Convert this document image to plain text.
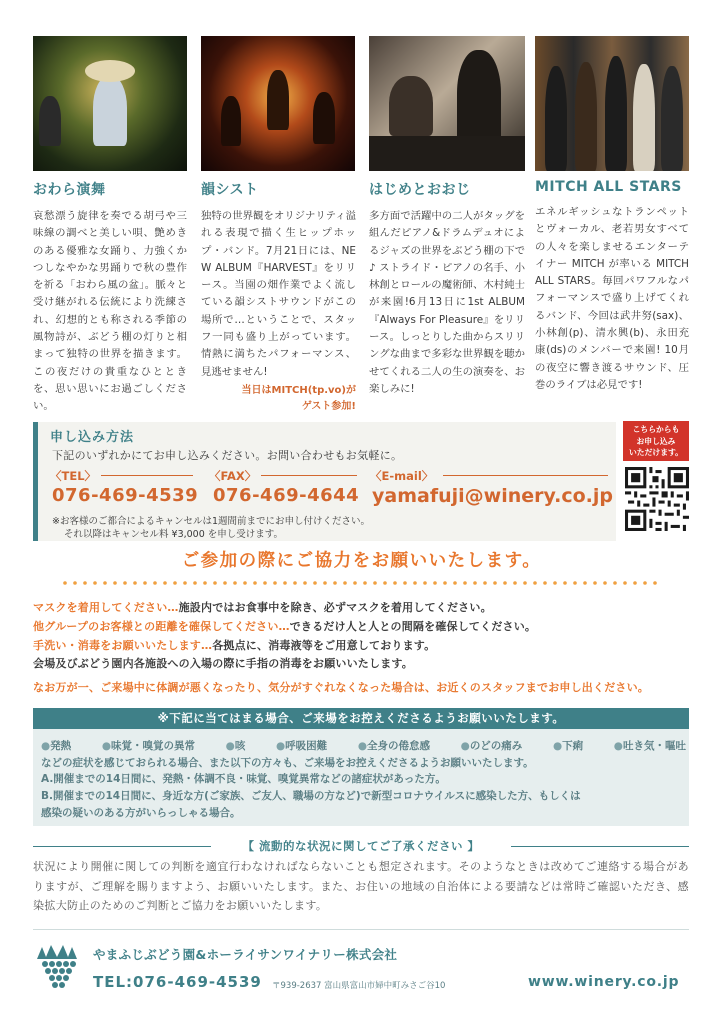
おわら演舞
哀愁漂う旋律を奏でる胡弓や三味線の調べと美しい唄、艶めきのある優雅な女踊り、力強くかつしなやかな男踊りで秋の豊作を祈る「おわら風の盆」。脈々と受け継がれる伝統により洗練され、幻想的とも称される季節の風物詩が、ぶどう棚の灯りと相まって独特の世界を描きます。この夜だけの貴重なひとときを、思い思いにお過ごしください。
韻シスト
独特の世界観をオリジナリティ溢れる表現で描く生ヒップホップ・バンド。7月21日には、NEW ALBUM『HARVEST』をリリース。当園の畑作業でよく流している韻シストサウンドがこの場所で…ということで、スタッフ一同も盛り上がっています。情熱に満ちたパフォーマンス、見逃せません!
当日はMITCH(tp.vo)が
ゲスト参加!
はじめとおおじ
多方面で活躍中の二人がタッグを組んだピアノ&ドラムデュオによるジャズの世界をぶどう棚の下で♪ ストライド・ピアノの名手、小林創とロールの魔術師、木村純士が来園!6月13日に1st ALBUM『Always For Pleasure』をリリース。しっとりした曲からスリリングな曲まで多彩な世界観を聴かせてくれる二人の生の演奏を、お楽しみに!
MITCH ALL STARS
エネルギッシュなトランペットとヴォーカル、老若男女すべての人々を楽しませるエンターテイナー MITCH が率いる MITCH ALL STARS。毎回パワフルなパフォーマンスで盛り上げてくれるバンド、今回は武井努(sax)、小林創(p)、清水興(b)、永田充康(ds)のメンバーで来園! 10月の夜空に響き渡るサウンド、圧巻のライブは必見です!
申し込み方法
下記のいずれかにてお申し込みください。お問い合わせもお気軽に。
〈TEL〉
076-469-4539
〈FAX〉
076-469-4644
〈E-mail〉
yamafuji@winery.co.jp
※お客様のご都合によるキャンセルは1週間前までにお申し付けください。
それ以降はキャンセル料 ¥3,000 を申し受けます。
こちらからも
お申し込み
いただけます。
ご参加の際にご協力をお願いいたします。
マスクを着用してください…施設内ではお食事中を除き、必ずマスクを着用してください。
他グループのお客様との距離を確保してください…できるだけ人と人との間隔を確保してください。
手洗い・消毒をお願いいたします…各拠点に、消毒液等をご用意しております。
会場及びぶどう園内各施設への入場の際に手指の消毒をお願いいたします。
なお万が一、ご来場中に体調が悪くなったり、気分がすぐれなくなった場合は、お近くのスタッフまでお申し出ください。
※下記に当てはまる場合、ご来場をお控えくださるようお願いいたします。
●発熱	●味覚・嗅覚の異常	●咳	●呼吸困難	●全身の倦怠感	●のどの痛み	●下痢	●吐き気・嘔吐
などの症状を感じておられる場合、また以下の方々も、ご来場をお控えくださるようお願いいたします。
A.開催までの14日間に、発熱・体調不良・味覚、嗅覚異常などの諸症状があった方。
B.開催までの14日間に、身近な方(ご家族、ご友人、職場の方など)で新型コロナウイルスに感染した方、もしくは
感染の疑いのある方がいらっしゃる場合。
【 流動的な状況に関してご了承ください 】
状況により開催に関しての判断を適宜行わなければならないことも想定されます。そのようなときは改めてご連絡する場合がありますが、ご理解を賜りますよう、お願いいたします。また、お住いの地域の自治体による要請などは常時ご確認いただき、感染拡大防止のためのご判断とご協力をお願いいたします。
やまふじぶどう園&ホーライサンワイナリー株式会社
TEL:076-469-4539 〒939-2637 富山県富山市婦中町みさご谷10	www.winery.co.jp
